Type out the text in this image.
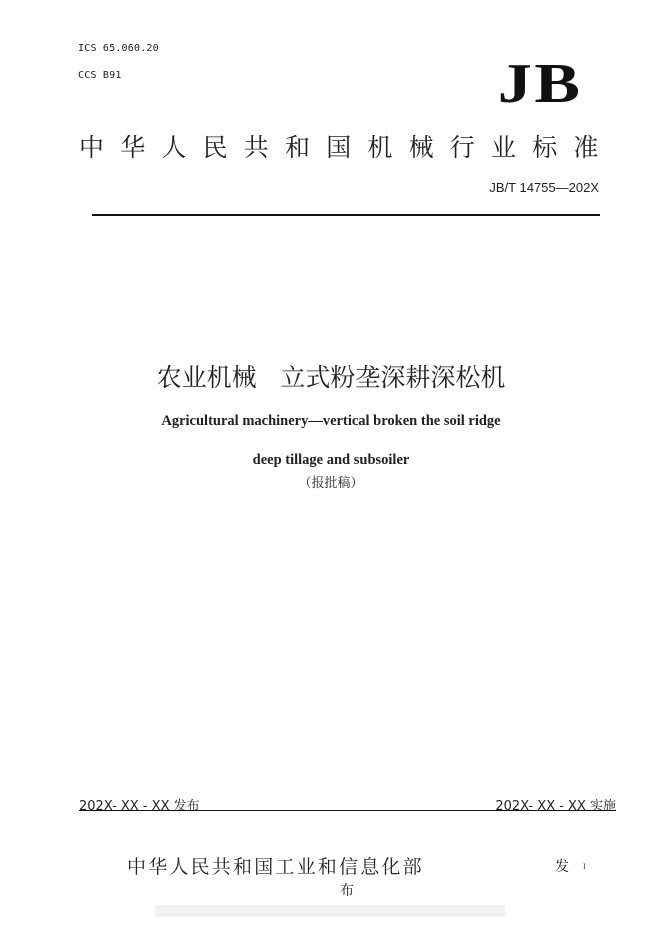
ICS 65.060.20
CCS B91	JB
中华人民共和国机械行业标准
JB/T 14755—202X
农业机械   立式粉垄深耕深松机
Agricultural machinery—vertical broken the soil ridge
deep tillage and subsoiler
（报批稿）
202X- XX - XX 发布	202X- XX - XX 实施
中华人民共和国工业和信息化部	发 I
布
